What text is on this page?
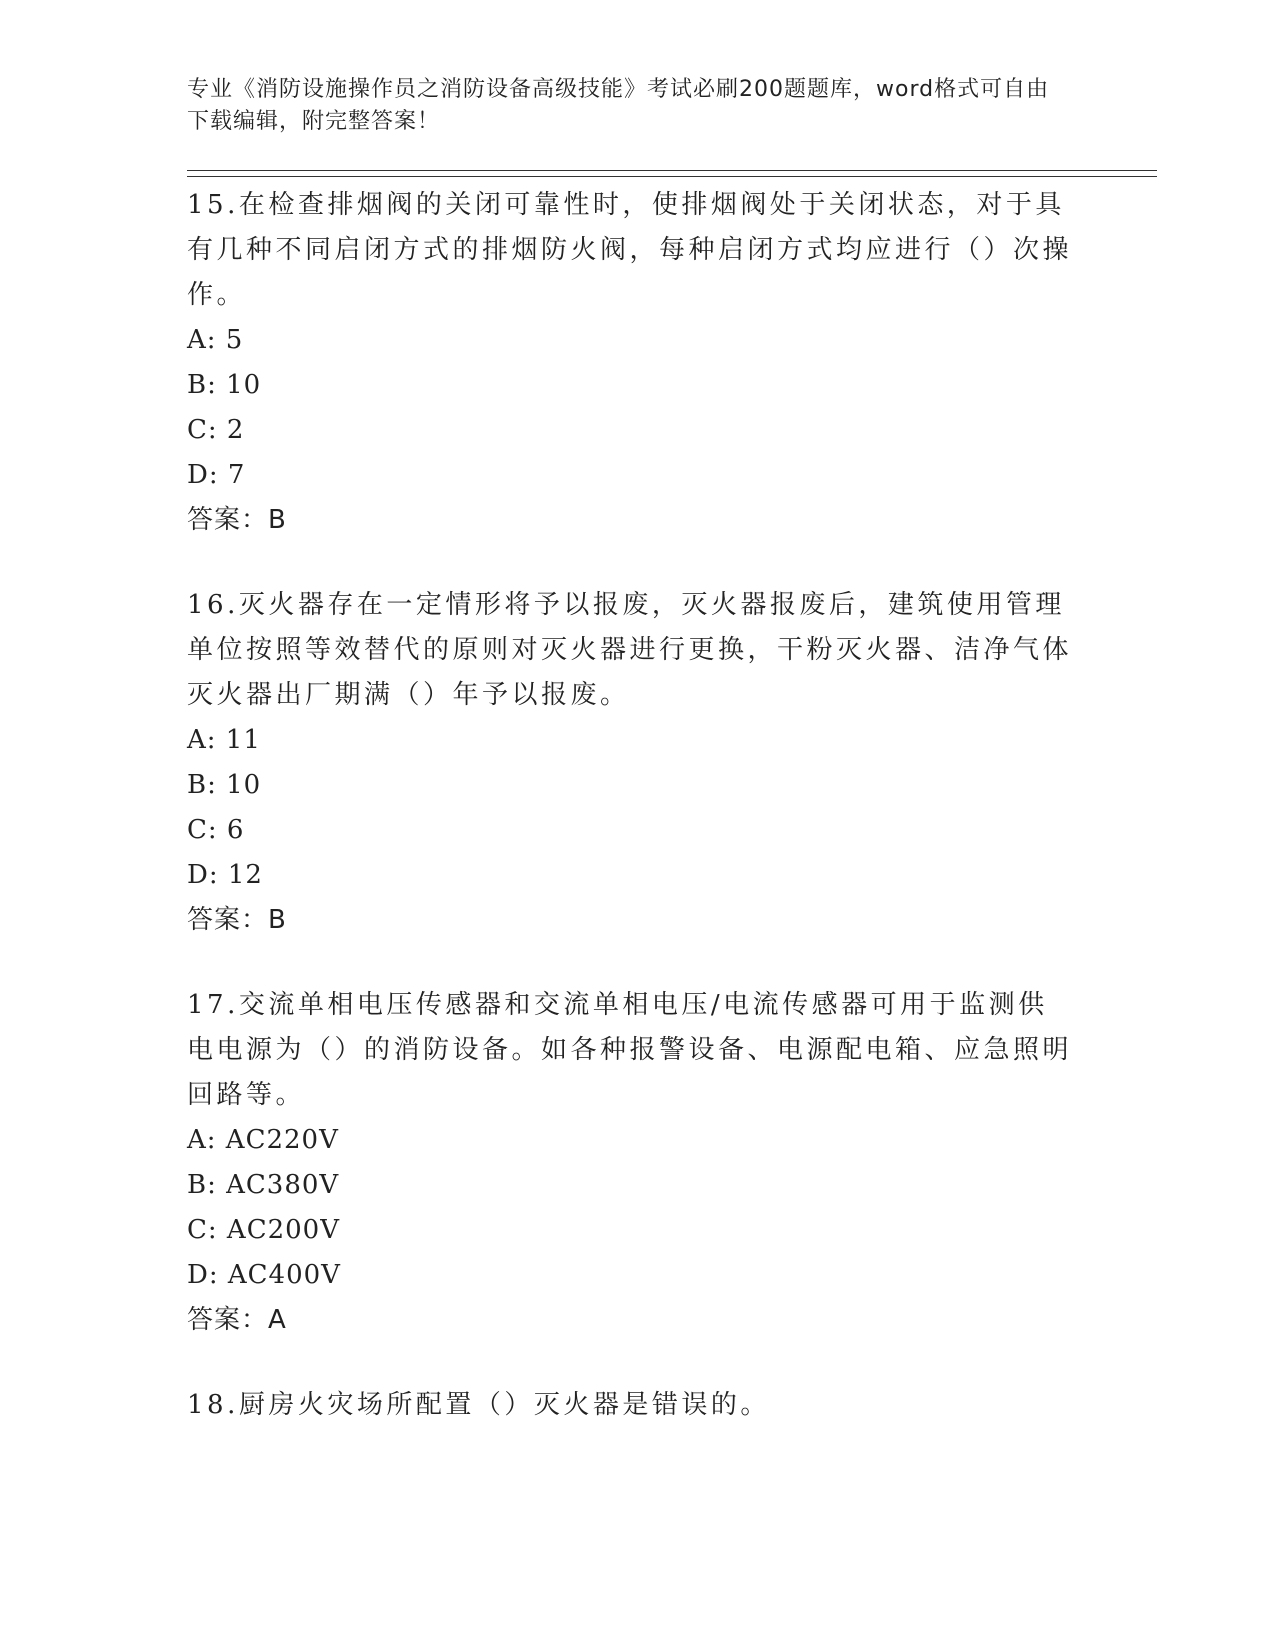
专业《消防设施操作员之消防设备高级技能》考试必刷200题题库，word格式可自由下载编辑，附完整答案！

15.在检查排烟阀的关闭可靠性时，使排烟阀处于关闭状态，对于具有几种不同启闭方式的排烟防火阀，每种启闭方式均应进行（）次操作。

A: 5

B: 10

C: 2

D: 7

答案：B

16.灭火器存在一定情形将予以报废，灭火器报废后，建筑使用管理单位按照等效替代的原则对灭火器进行更换，干粉灭火器、洁净气体灭火器出厂期满（）年予以报废。

A: 11

B: 10

C: 6

D: 12

答案：B

17.交流单相电压传感器和交流单相电压/电流传感器可用于监测供电电源为（）的消防设备。如各种报警设备、电源配电箱、应急照明回路等。

A: AC220V

B: AC380V

C: AC200V

D: AC400V

答案：A

18.厨房火灾场所配置（）灭火器是错误的。
